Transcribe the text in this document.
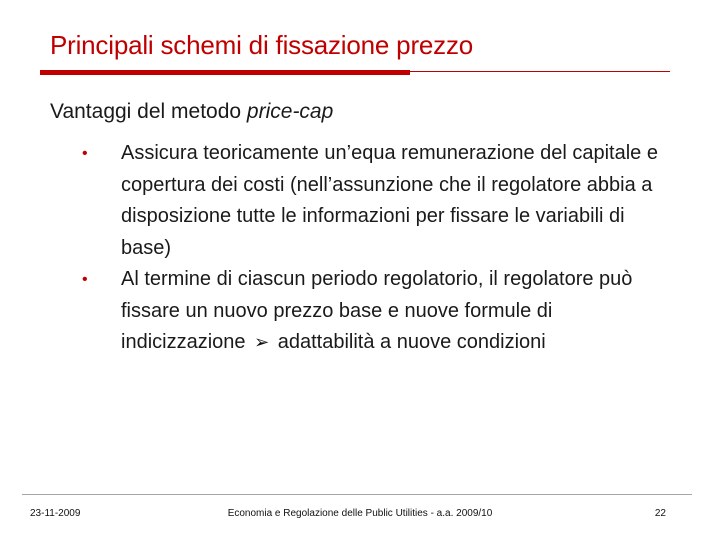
Principali schemi di fissazione prezzo
Vantaggi del metodo price-cap
• Assicura teoricamente un’equa remunerazione del capitale e copertura dei costi (nell’assunzione che il regolatore abbia a disposizione tutte le informazioni per fissare le variabili di base)
• Al termine di ciascun periodo regolatorio, il regolatore può fissare un nuovo prezzo base e nuove formule di indicizzazione ➢ adattabilità a nuove condizioni

23-11-2009	Economia e Regolazione delle Public Utilities - a.a. 2009/10	22
